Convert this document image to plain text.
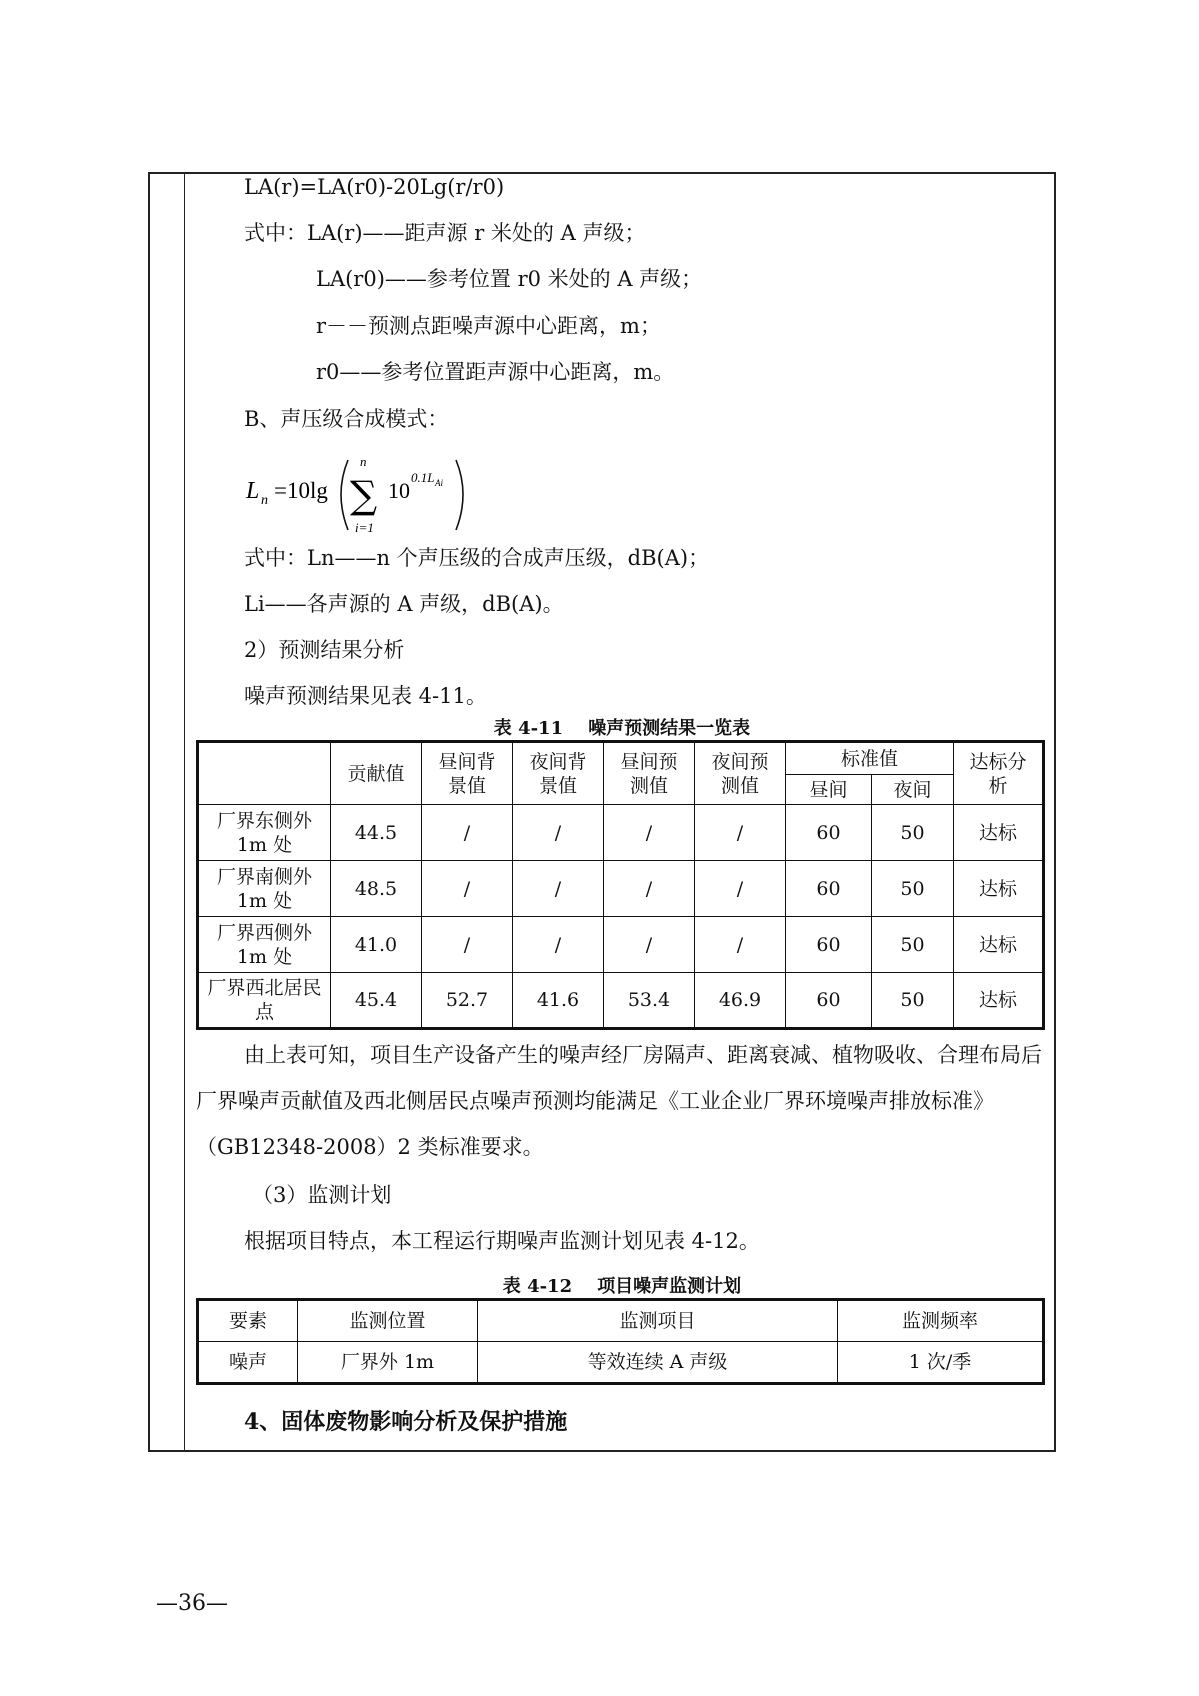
LA(r)=LA(r0)-20Lg(r/r0)
式中：LA(r)——距声源 r 米处的 A 声级；
LA(r0)——参考位置 r0 米处的 A 声级；
r－－预测点距噪声源中心距离，m；
r0——参考位置距声源中心距离，m。
B、声压级合成模式：
L n =10lg ∑
n
i=1
10
0.1L Ai
式中：Ln——n 个声压级的合成声压级，dB(A)；
Li——各声源的 A 声级，dB(A)。
2）预测结果分析
噪声预测结果见表 4-11。
表 4-11 噪声预测结果一览表
	贡献值	昼间背景值	夜间背景值	昼间预测值	夜间预测值	标准值		达标分析
						昼间	夜间	
厂界东侧外 1m 处	44.5	/	/	/	/	60	50	达标
厂界南侧外 1m 处	48.5	/	/	/	/	60	50	达标
厂界西侧外 1m 处	41.0	/	/	/	/	60	50	达标
厂界西北居民点	45.4	52.7	41.6	53.4	46.9	60	50	达标
由上表可知，项目生产设备产生的噪声经厂房隔声、距离衰减、植物吸收、合理布局后厂界噪声贡献值及西北侧居民点噪声预测均能满足《工业企业厂界环境噪声排放标准》（GB12348-2008）2 类标准要求。
（3）监测计划
根据项目特点，本工程运行期噪声监测计划见表 4-12。
表 4-12 项目噪声监测计划
要素	监测位置	监测项目	监测频率
噪声	厂界外 1m	等效连续 A 声级	1 次/季
4、固体废物影响分析及保护措施
—36—
